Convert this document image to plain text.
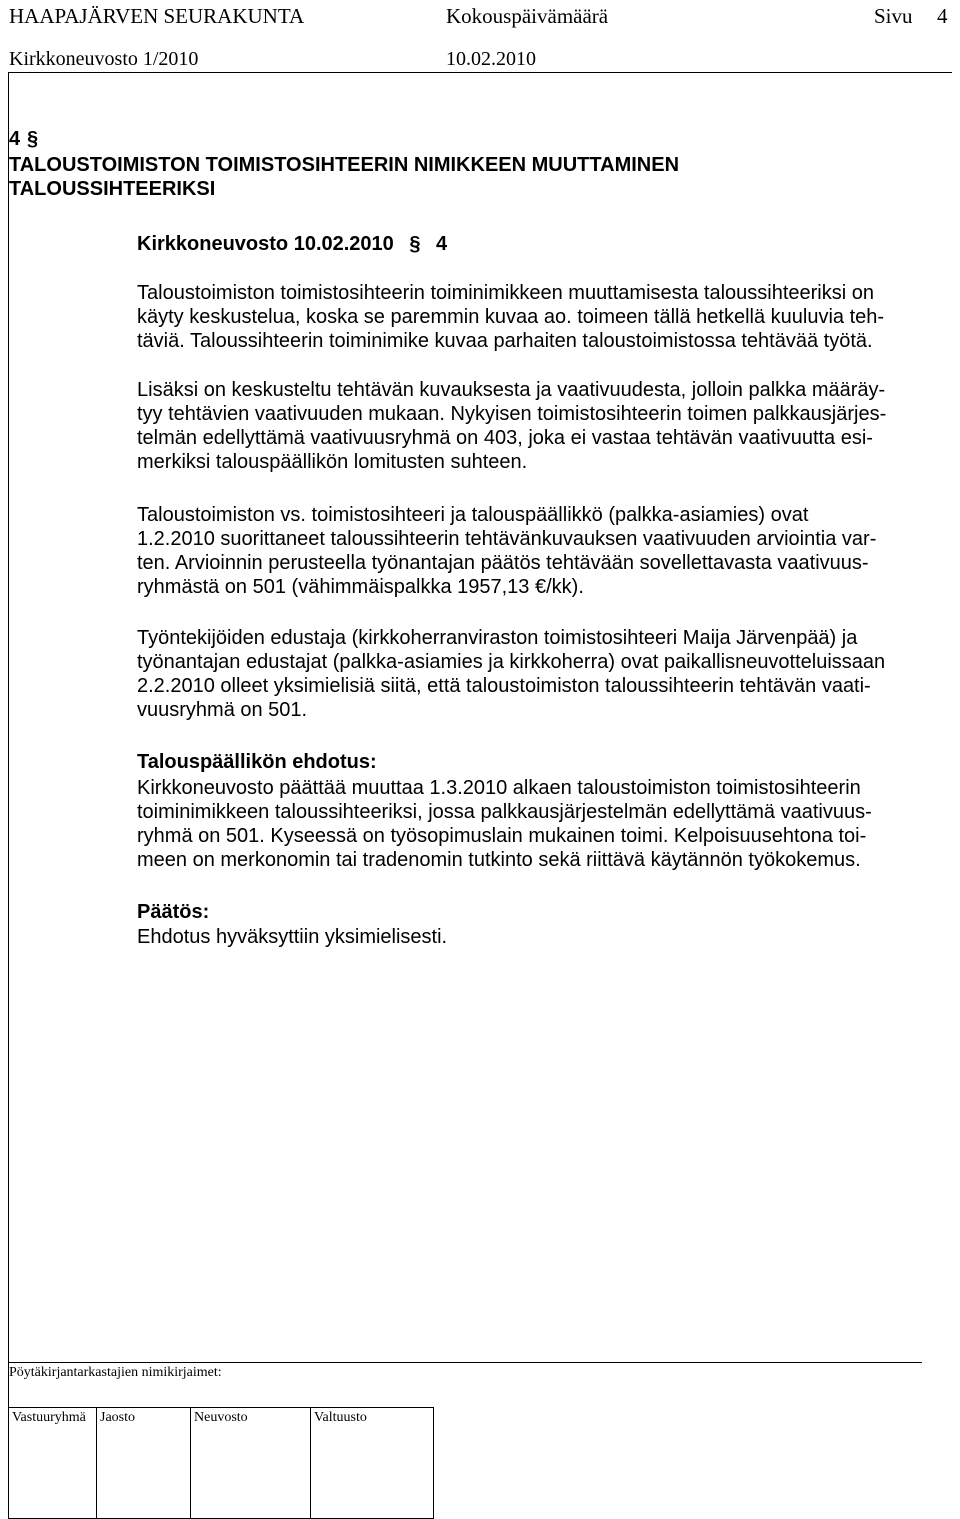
HAAPAJÄRVEN SEURAKUNTA	Kokouspäivämäärä	Sivu 4
Kirkkoneuvosto 1/2010	10.02.2010
4 §
TALOUSTOIMISTON TOIMISTOSIHTEERIN NIMIKKEEN MUUTTAMINEN
TALOUSSIHTEERIKSI
Kirkkoneuvosto 10.02.2010 § 4
Taloustoimiston toimistosihteerin toiminimikkeen muuttamisesta taloussihteeriksi on
käyty keskustelua, koska se paremmin kuvaa ao. toimeen tällä hetkellä kuuluvia teh-
täviä. Taloussihteerin toiminimike kuvaa parhaiten taloustoimistossa tehtävää työtä.
Lisäksi on keskusteltu tehtävän kuvauksesta ja vaativuudesta, jolloin palkka määräy-
tyy tehtävien vaativuuden mukaan. Nykyisen toimistosihteerin toimen palkkausjärjes-
telmän edellyttämä vaativuusryhmä on 403, joka ei vastaa tehtävän vaativuutta esi-
merkiksi talouspäällikön lomitusten suhteen.
Taloustoimiston vs. toimistosihteeri ja talouspäällikkö (palkka-asiamies) ovat
1.2.2010 suorittaneet taloussihteerin tehtävänkuvauksen vaativuuden arviointia var-
ten. Arvioinnin perusteella työnantajan päätös tehtävään sovellettavasta vaativuus-
ryhmästä on 501 (vähimmäispalkka 1957,13 €/kk).
Työntekijöiden edustaja (kirkkoherranviraston toimistosihteeri Maija Järvenpää) ja
työnantajan edustajat (palkka-asiamies ja kirkkoherra) ovat paikallisneuvotteluissaan
2.2.2010 olleet yksimielisiä siitä, että taloustoimiston taloussihteerin tehtävän vaati-
vuusryhmä on 501.
Talouspäällikön ehdotus:
Kirkkoneuvosto päättää muuttaa 1.3.2010 alkaen taloustoimiston toimistosihteerin
toiminimikkeen taloussihteeriksi, jossa palkkausjärjestelmän edellyttämä vaativuus-
ryhmä on 501. Kyseessä on työsopimuslain mukainen toimi. Kelpoisuusehtona toi-
meen on merkonomin tai tradenomin tutkinto sekä riittävä käytännön työkokemus.
Päätös:
Ehdotus hyväksyttiin yksimielisesti.
Pöytäkirjantarkastajien nimikirjaimet:
Vastuuryhmä	Jaosto	Neuvosto	Valtuusto
